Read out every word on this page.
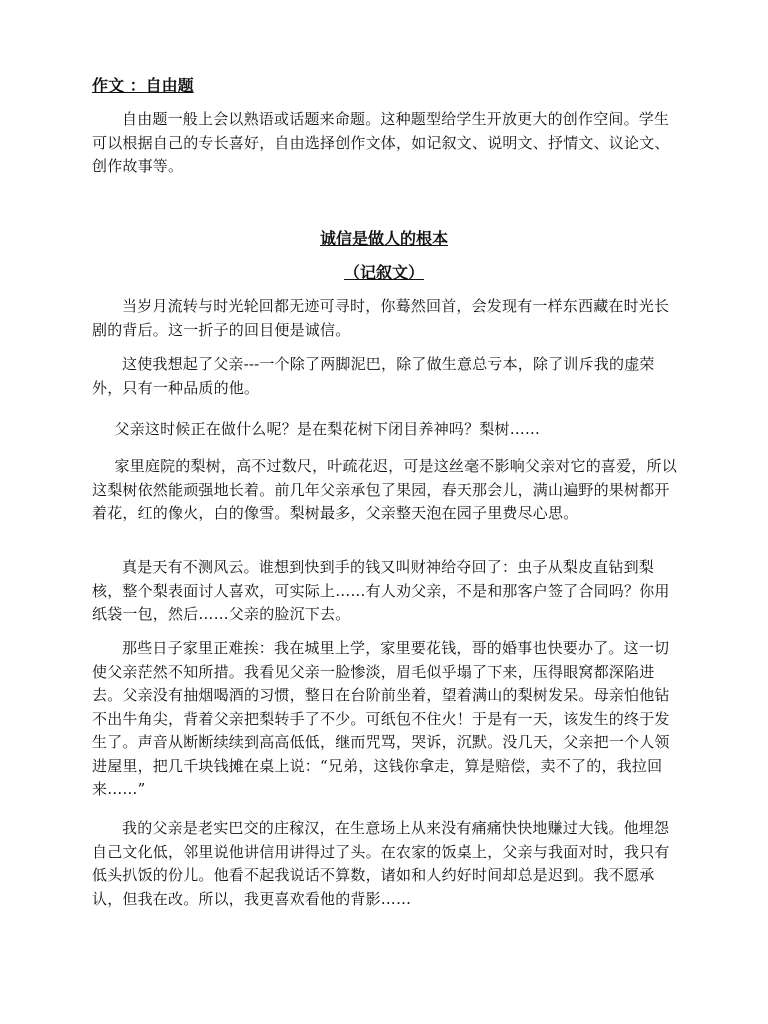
作文 ：自由题

自由题一般上会以熟语或话题来命题。这种题型给学生开放更大的创作空间。学生可以根据自己的专长喜好，自由选择创作文体，如记叙文、说明文、抒情文、议论文、创作故事等。

诚信是做人的根本
（记叙文）

当岁月流转与时光轮回都无迹可寻时，你蓦然回首，会发现有一样东西藏在时光长剧的背后。这一折子的回目便是诚信。

这使我想起了父亲---一个除了两脚泥巴，除了做生意总亏本，除了训斥我的虚荣外，只有一种品质的他。

父亲这时候正在做什么呢？是在梨花树下闭目养神吗？梨树……

家里庭院的梨树，高不过数尺，叶疏花迟，可是这丝毫不影响父亲对它的喜爱，所以这梨树依然能顽强地长着。前几年父亲承包了果园，春天那会儿，满山遍野的果树都开着花，红的像火，白的像雪。梨树最多，父亲整天泡在园子里费尽心思。

真是天有不测风云。谁想到快到手的钱又叫财神给夺回了：虫子从梨皮直钻到梨核，整个梨表面讨人喜欢，可实际上……有人劝父亲，不是和那客户签了合同吗？你用纸袋一包，然后……父亲的脸沉下去。

那些日子家里正难挨：我在城里上学，家里要花钱，哥的婚事也快要办了。这一切使父亲茫然不知所措。我看见父亲一脸惨淡，眉毛似乎塌了下来，压得眼窝都深陷进去。父亲没有抽烟喝酒的习惯，整日在台阶前坐着，望着满山的梨树发呆。母亲怕他钻不出牛角尖，背着父亲把梨转手了不少。可纸包不住火！于是有一天，该发生的终于发生了。声音从断断续续到高高低低，继而咒骂，哭诉，沉默。没几天，父亲把一个人领进屋里，把几千块钱摊在桌上说：“兄弟，这钱你拿走，算是赔偿，卖不了的，我拉回来……”

我的父亲是老实巴交的庄稼汉，在生意场上从来没有痛痛快快地赚过大钱。他埋怨自己文化低，邻里说他讲信用讲得过了头。在农家的饭桌上，父亲与我面对时，我只有低头扒饭的份儿。他看不起我说话不算数，诸如和人约好时间却总是迟到。我不愿承认，但我在改。所以，我更喜欢看他的背影……
